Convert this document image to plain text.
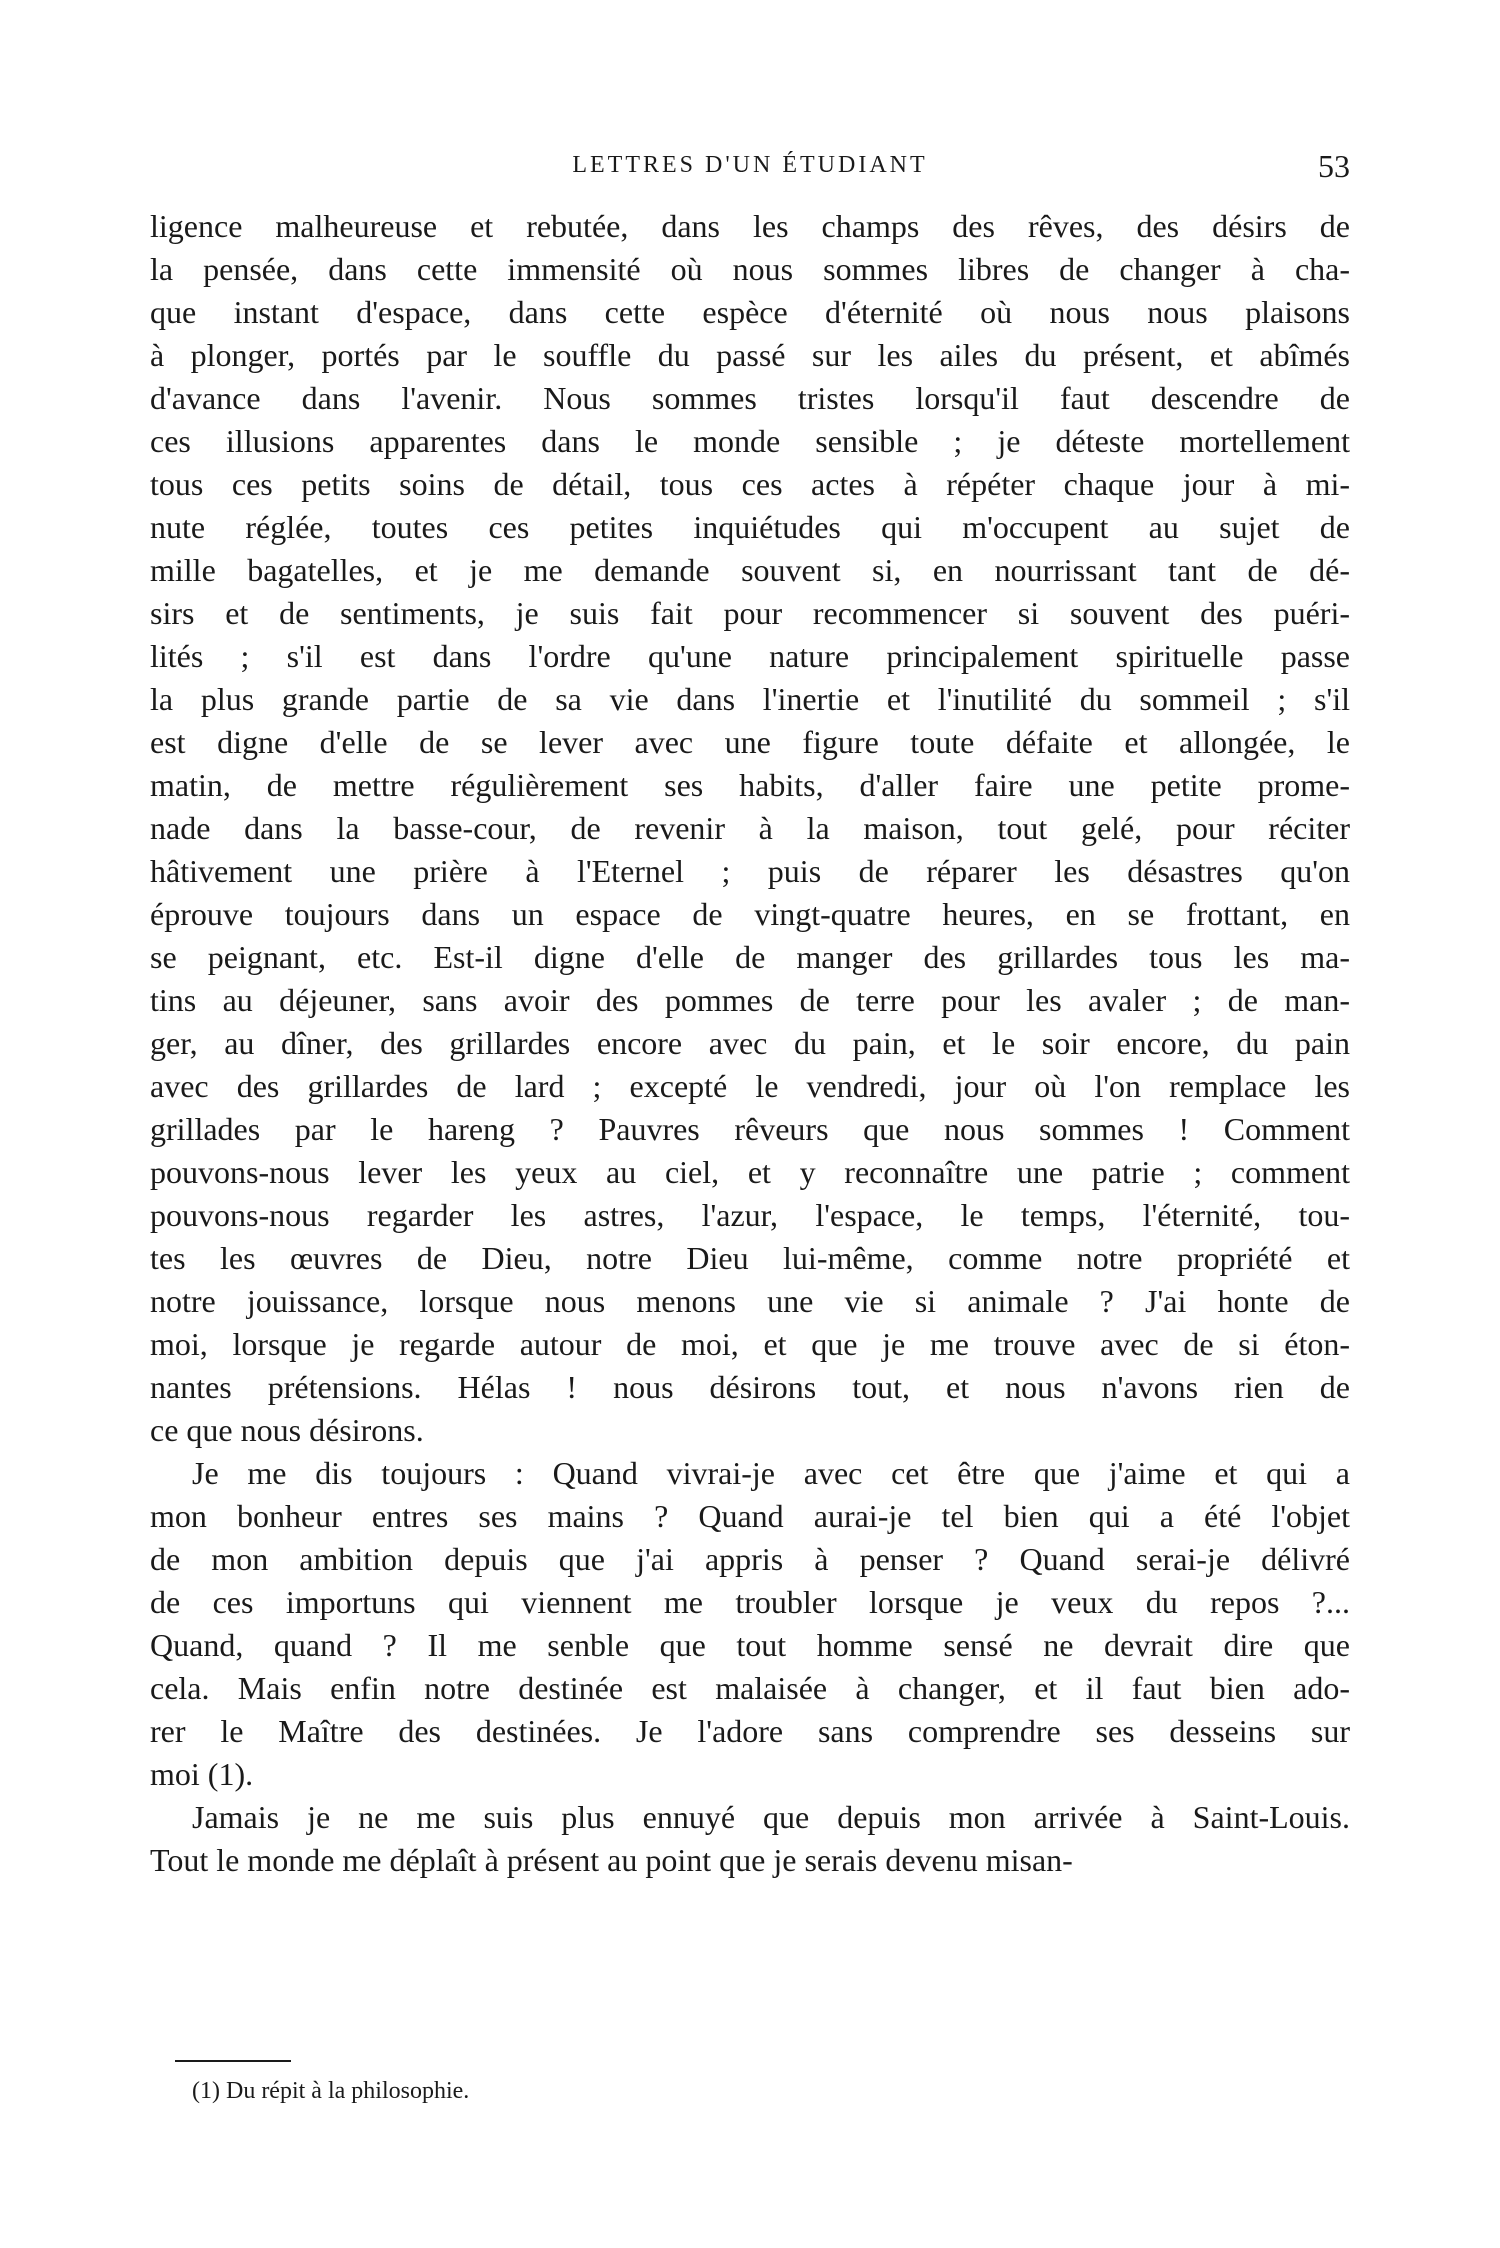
LETTRES D'UN ÉTUDIANT	53
ligence malheureuse et rebutée, dans les champs des rêves, des désirs de
la pensée, dans cette immensité où nous sommes libres de changer à cha-
que instant d'espace, dans cette espèce d'éternité où nous nous plaisons
à plonger, portés par le souffle du passé sur les ailes du présent, et abîmés
d'avance dans l'avenir. Nous sommes tristes lorsqu'il faut descendre de
ces illusions apparentes dans le monde sensible ; je déteste mortellement
tous ces petits soins de détail, tous ces actes à répéter chaque jour à mi-
nute réglée, toutes ces petites inquiétudes qui m'occupent au sujet de
mille bagatelles, et je me demande souvent si, en nourrissant tant de dé-
sirs et de sentiments, je suis fait pour recommencer si souvent des puéri-
lités ; s'il est dans l'ordre qu'une nature principalement spirituelle passe
la plus grande partie de sa vie dans l'inertie et l'inutilité du sommeil ; s'il
est digne d'elle de se lever avec une figure toute défaite et allongée, le
matin, de mettre régulièrement ses habits, d'aller faire une petite prome-
nade dans la basse-cour, de revenir à la maison, tout gelé, pour réciter
hâtivement une prière à l'Eternel ; puis de réparer les désastres qu'on
éprouve toujours dans un espace de vingt-quatre heures, en se frottant, en
se peignant, etc. Est-il digne d'elle de manger des grillardes tous les ma-
tins au déjeuner, sans avoir des pommes de terre pour les avaler ; de man-
ger, au dîner, des grillardes encore avec du pain, et le soir encore, du pain
avec des grillardes de lard ; excepté le vendredi, jour où l'on remplace les
grillades par le hareng ? Pauvres rêveurs que nous sommes ! Comment
pouvons-nous lever les yeux au ciel, et y reconnaître une patrie ; comment
pouvons-nous regarder les astres, l'azur, l'espace, le temps, l'éternité, tou-
tes les œuvres de Dieu, notre Dieu lui-même, comme notre propriété et
notre jouissance, lorsque nous menons une vie si animale ? J'ai honte de
moi, lorsque je regarde autour de moi, et que je me trouve avec de si éton-
nantes prétensions. Hélas ! nous désirons tout, et nous n'avons rien de
ce que nous désirons.
Je me dis toujours : Quand vivrai-je avec cet être que j'aime et qui a
mon bonheur entres ses mains ? Quand aurai-je tel bien qui a été l'objet
de mon ambition depuis que j'ai appris à penser ? Quand serai-je délivré
de ces importuns qui viennent me troubler lorsque je veux du repos ?...
Quand, quand ? Il me senble que tout homme sensé ne devrait dire que
cela. Mais enfin notre destinée est malaisée à changer, et il faut bien ado-
rer le Maître des destinées. Je l'adore sans comprendre ses desseins sur
moi (1).
Jamais je ne me suis plus ennuyé que depuis mon arrivée à Saint-Louis.
Tout le monde me déplaît à présent au point que je serais devenu misan-
(1) Du répit à la philosophie.
